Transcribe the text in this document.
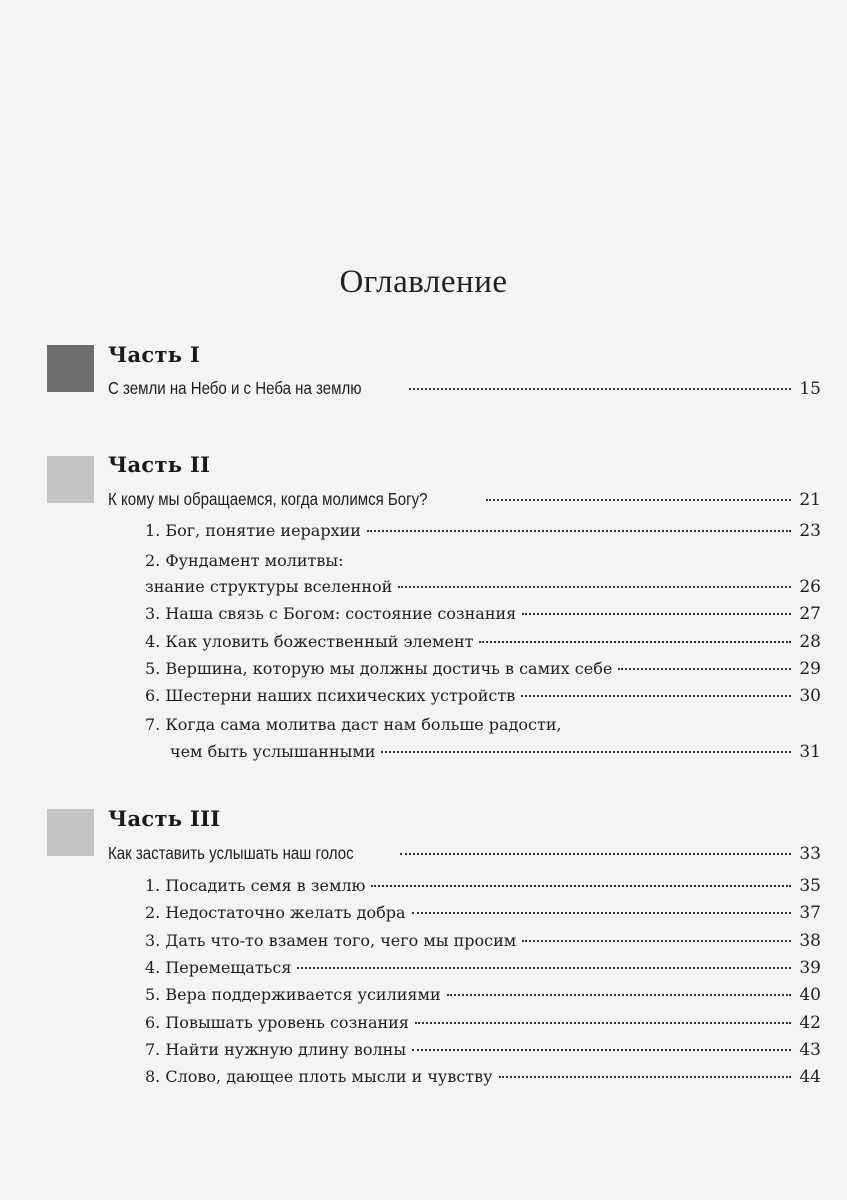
Оглавление
Часть I
С земли на Небо и с Неба на землю	15
Часть II
К кому мы обращаемся, когда молимся Богу?	21
1. Бог, понятие иерархии	23
2. Фундамент молитвы:
знание структуры вселенной	26
3. Наша связь с Богом: состояние сознания	27
4. Как уловить божественный элемент	28
5. Вершина, которую мы должны достичь в самих себе	29
6. Шестерни наших психических устройств	30
7. Когда сама молитва даст нам больше радости,
чем быть услышанными	31
Часть III
Как заставить услышать наш голос	33
1. Посадить семя в землю	35
2. Недостаточно желать добра	37
3. Дать что-то взамен того, чего мы просим	38
4. Перемещаться	39
5. Вера поддерживается усилиями	40
6. Повышать уровень сознания	42
7. Найти нужную длину волны	43
8. Слово, дающее плоть мысли и чувству	44
